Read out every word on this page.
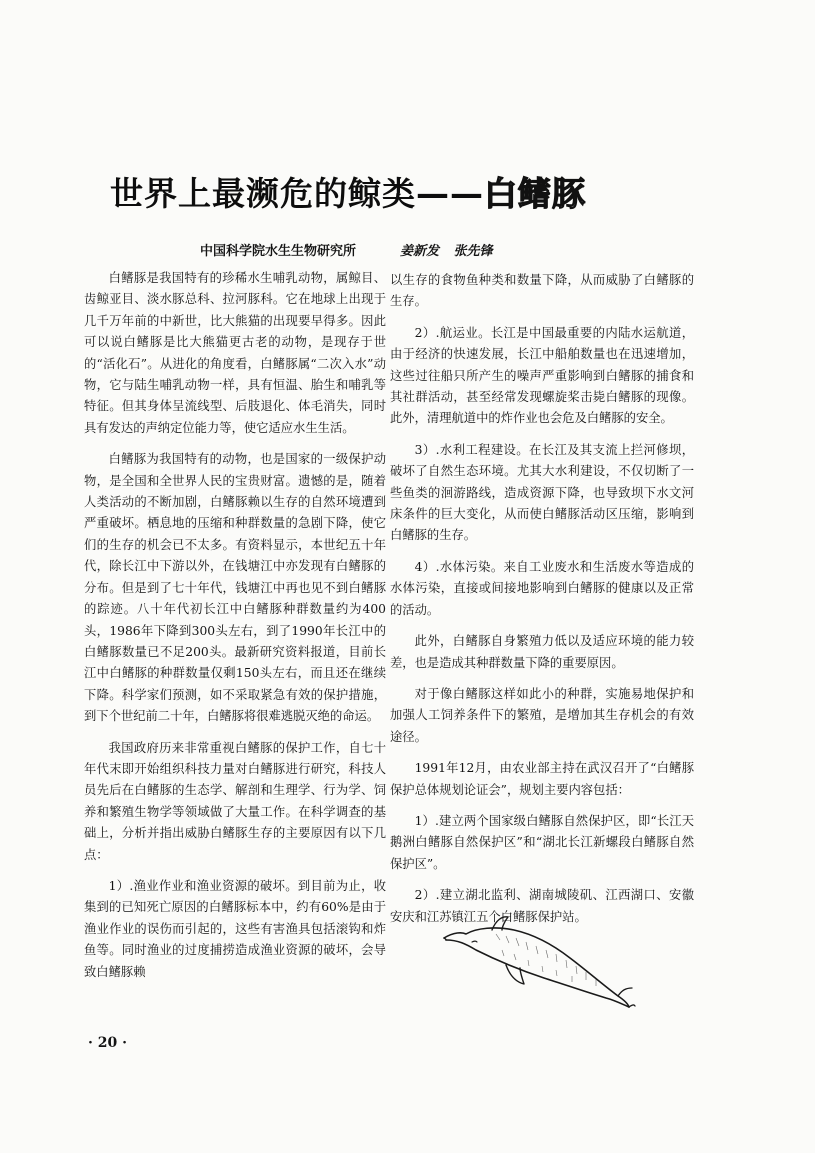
世界上最濒危的鲸类——白鳍豚
中国科学院水生生物研究所	姜新发 张先锋

白鳍豚是我国特有的珍稀水生哺乳动物，属鲸目、齿鲸亚目、淡水豚总科、拉河豚科。它在地球上出现于几千万年前的中新世，比大熊猫的出现要早得多。因此可以说白鳍豚是比大熊猫更古老的动物，是现存于世的“活化石”。从进化的角度看，白鳍豚属“二次入水”动物，它与陆生哺乳动物一样，具有恒温、胎生和哺乳等特征。但其身体呈流线型、后肢退化、体毛消失，同时具有发达的声纳定位能力等，使它适应水生生活。

白鳍豚为我国特有的动物，也是国家的一级保护动物，是全国和全世界人民的宝贵财富。遗憾的是，随着人类活动的不断加剧，白鳍豚赖以生存的自然环境遭到严重破坏。栖息地的压缩和种群数量的急剧下降，使它们的生存的机会已不太多。有资料显示，本世纪五十年代，除长江中下游以外，在钱塘江中亦发现有白鳍豚的分布。但是到了七十年代，钱塘江中再也见不到白鳍豚的踪迹。八十年代初长江中白鳍豚种群数量约为400头，1986年下降到300头左右，到了1990年长江中的白鳍豚数量已不足200头。最新研究资料报道，目前长江中白鳍豚的种群数量仅剩150头左右，而且还在继续下降。科学家们预测，如不采取紧急有效的保护措施，到下个世纪前二十年，白鳍豚将很难逃脱灭绝的命运。

我国政府历来非常重视白鳍豚的保护工作，自七十年代末即开始组织科技力量对白鳍豚进行研究，科技人员先后在白鳍豚的生态学、解剖和生理学、行为学、饲养和繁殖生物学等领域做了大量工作。在科学调查的基础上，分析并指出威胁白鳍豚生存的主要原因有以下几点：

1）.渔业作业和渔业资源的破坏。到目前为止，收集到的已知死亡原因的白鳍豚标本中，约有60%是由于渔业作业的误伤而引起的，这些有害渔具包括滚钩和炸鱼等。同时渔业的过度捕捞造成渔业资源的破坏，会导致白鳍豚赖

以生存的食物鱼种类和数量下降，从而威胁了白鳍豚的生存。

2）.航运业。长江是中国最重要的内陆水运航道，由于经济的快速发展，长江中船舶数量也在迅速增加，这些过往船只所产生的噪声严重影响到白鳍豚的捕食和其社群活动，甚至经常发现螺旋桨击毙白鳍豚的现像。此外，清理航道中的炸作业也会危及白鳍豚的安全。

3）.水利工程建设。在长江及其支流上拦河修坝，破坏了自然生态环境。尤其大水利建设，不仅切断了一些鱼类的洄游路线，造成资源下降，也导致坝下水文河床条件的巨大变化，从而使白鳍豚活动区压缩，影响到白鳍豚的生存。

4）.水体污染。来自工业废水和生活废水等造成的水体污染，直接或间接地影响到白鳍豚的健康以及正常的活动。

此外，白鳍豚自身繁殖力低以及适应环境的能力较差，也是造成其种群数量下降的重要原因。

对于像白鳍豚这样如此小的种群，实施易地保护和加强人工饲养条件下的繁殖，是增加其生存机会的有效途径。

1991年12月，由农业部主持在武汉召开了“白鳍豚保护总体规划论证会”，规划主要内容包括：

1）.建立两个国家级白鳍豚自然保护区，即“长江天鹅洲白鳍豚自然保护区”和“湖北长江新螺段白鳍豚自然保护区”。

2）.建立湖北监利、湖南城陵矶、江西湖口、安徽安庆和江苏镇江五个白鳍豚保护站。

· 20 ·
